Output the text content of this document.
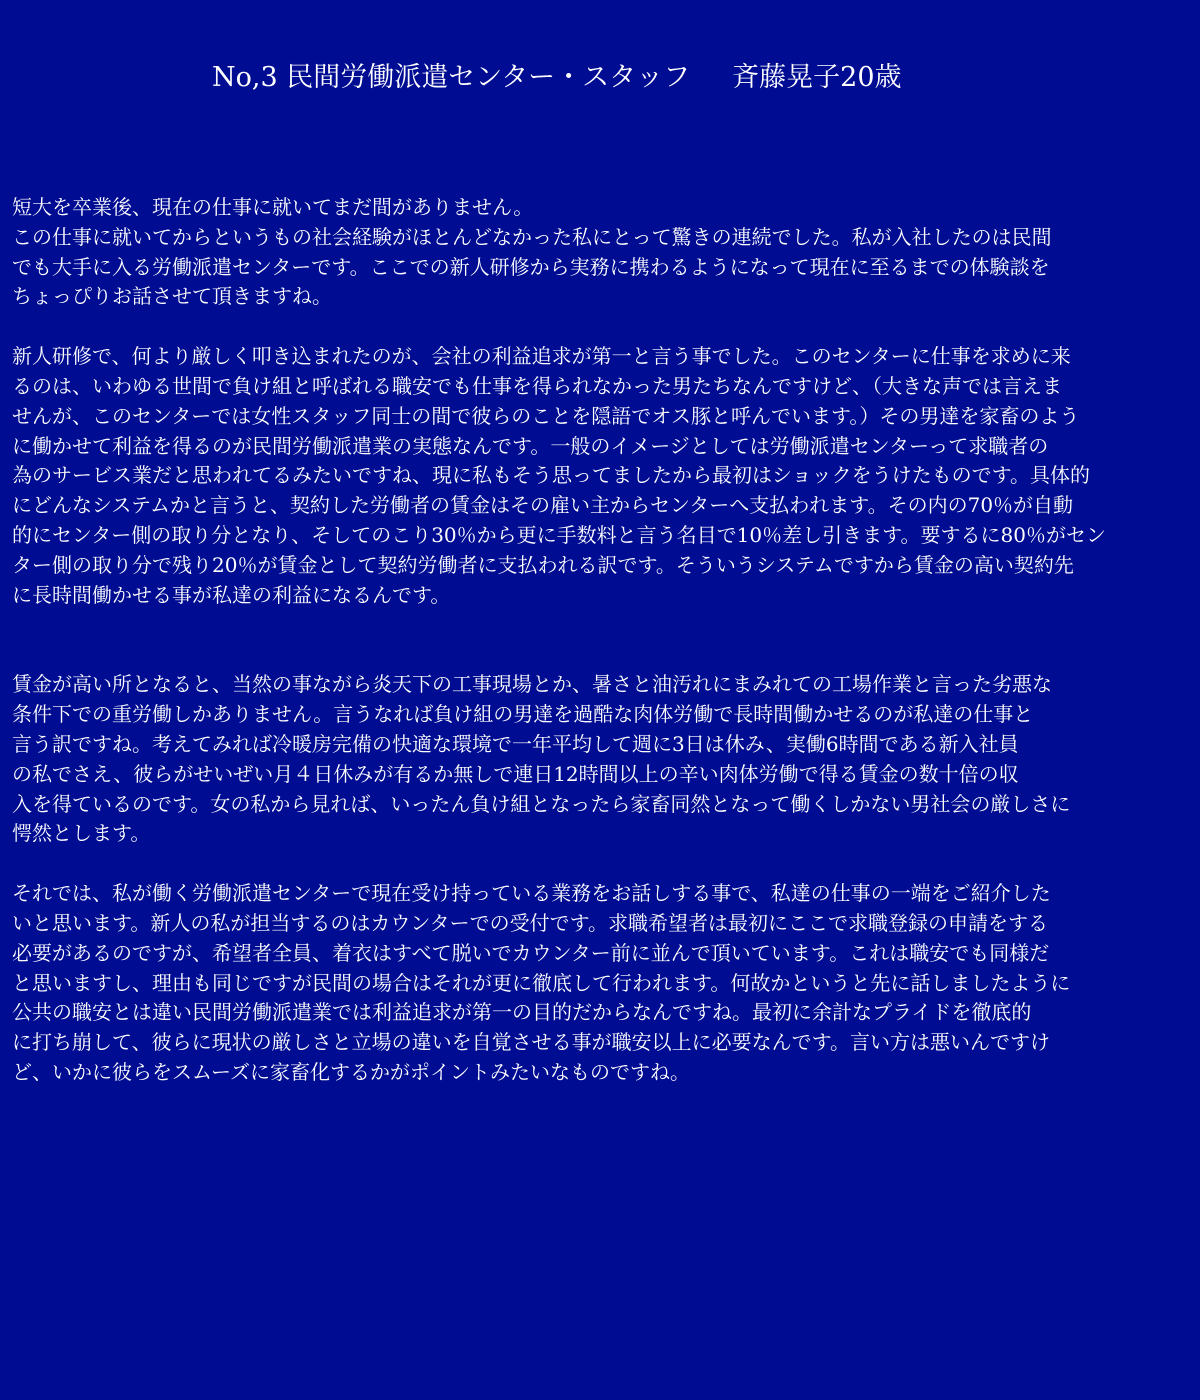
No,3 民間労働派遣センター・スタッフ 斉藤晃子20歳
短大を卒業後、現在の仕事に就いてまだ間がありません。
この仕事に就いてからというもの社会経験がほとんどなかった私にとって驚きの連続でした。私が入社したのは民間
でも大手に入る労働派遣センターです。ここでの新人研修から実務に携わるようになって現在に至るまでの体験談を
ちょっぴりお話させて頂きますね。
新人研修で、何より厳しく叩き込まれたのが、会社の利益追求が第一と言う事でした。このセンターに仕事を求めに来
るのは、いわゆる世間で負け組と呼ばれる職安でも仕事を得られなかった男たちなんですけど、（大きな声では言えま
せんが、このセンターでは女性スタッフ同士の間で彼らのことを隠語でオス豚と呼んでいます。）その男達を家畜のよう
に働かせて利益を得るのが民間労働派遣業の実態なんです。一般のイメージとしては労働派遣センターって求職者の
為のサービス業だと思われてるみたいですね、現に私もそう思ってましたから最初はショックをうけたものです。具体的
にどんなシステムかと言うと、契約した労働者の賃金はその雇い主からセンターへ支払われます。その内の70％が自動
的にセンター側の取り分となり、そしてのこり30％から更に手数料と言う名目で10％差し引きます。要するに80％がセン
ター側の取り分で残り20％が賃金として契約労働者に支払われる訳です。そういうシステムですから賃金の高い契約先
に長時間働かせる事が私達の利益になるんです。
賃金が高い所となると、当然の事ながら炎天下の工事現場とか、暑さと油汚れにまみれての工場作業と言った劣悪な
条件下での重労働しかありません。言うなれば負け組の男達を過酷な肉体労働で長時間働かせるのが私達の仕事と
言う訳ですね。考えてみれば冷暖房完備の快適な環境で一年平均して週に3日は休み、実働6時間である新入社員
の私でさえ、彼らがせいぜい月４日休みが有るか無しで連日12時間以上の辛い肉体労働で得る賃金の数十倍の収
入を得ているのです。女の私から見れば、いったん負け組となったら家畜同然となって働くしかない男社会の厳しさに
愕然とします。
それでは、私が働く労働派遣センターで現在受け持っている業務をお話しする事で、私達の仕事の一端をご紹介した
いと思います。新人の私が担当するのはカウンターでの受付です。求職希望者は最初にここで求職登録の申請をする
必要があるのですが、希望者全員、着衣はすべて脱いでカウンター前に並んで頂いています。これは職安でも同様だ
と思いますし、理由も同じですが民間の場合はそれが更に徹底して行われます。何故かというと先に話しましたように
公共の職安とは違い民間労働派遣業では利益追求が第一の目的だからなんですね。最初に余計なプライドを徹底的
に打ち崩して、彼らに現状の厳しさと立場の違いを自覚させる事が職安以上に必要なんです。言い方は悪いんですけ
ど、いかに彼らをスムーズに家畜化するかがポイントみたいなものですね。
